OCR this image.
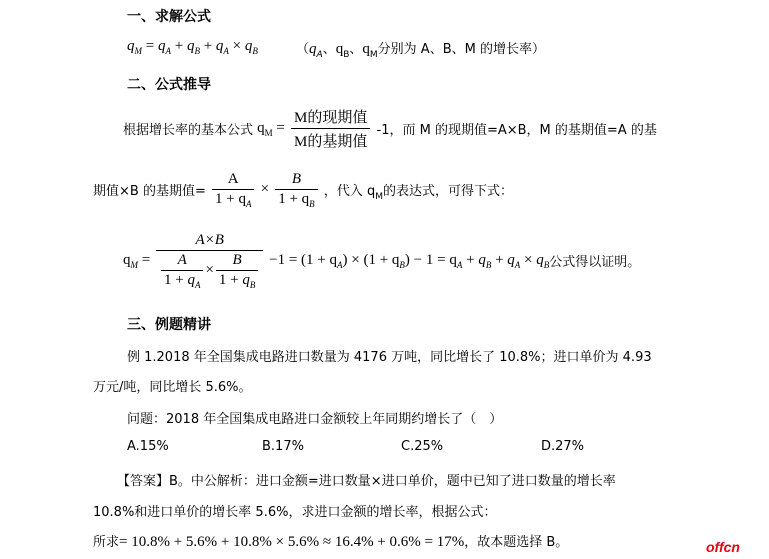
一、求解公式
$q_M = q_A + q_B + q_A \times q_B$	（$q_A$、$q_B$、$q_M$分别为 A、B、M 的增长率）
二、公式推导
根据增长率的基本公式 $q_M = \frac{\text{M的现期值}}{\text{M的基期值}} -1$，而 M 的现期值=A×B，M 的基期值=A 的基
期值×B 的基期值= $\frac{A}{1 + q_A} \times \frac{B}{1 + q_B}$ ，代入 $q_M$的表达式，可得下式：
$q_M = \frac{A\times B}{\frac{A}{1 + q_A} \times \frac{B}{1 + q_B}} -1 = (1 + q_A) \times (1 + q_B) - 1 = q_A + q_B + q_A \times q_B$公式得以证明。
三、例题精讲
例 1.2018 年全国集成电路进口数量为 4176 万吨，同比增长了 10.8%；进口单价为 4.93
万元/吨，同比增长 5.6%。
问题：2018 年全国集成电路进口金额较上年同期约增长了（　）
A.15%	B.17%	C.25%	D.27%
【答案】B。中公解析：进口金额=进口数量×进口单价，题中已知了进口数量的增长率
10.8%和进口单价的增长率 5.6%，求进口金额的增长率，根据公式：
所求= 10.8% + 5.6% + 10.8% × 5.6% ≈ 16.4% + 0.6% = 17%，故本题选择 B。	offcn
